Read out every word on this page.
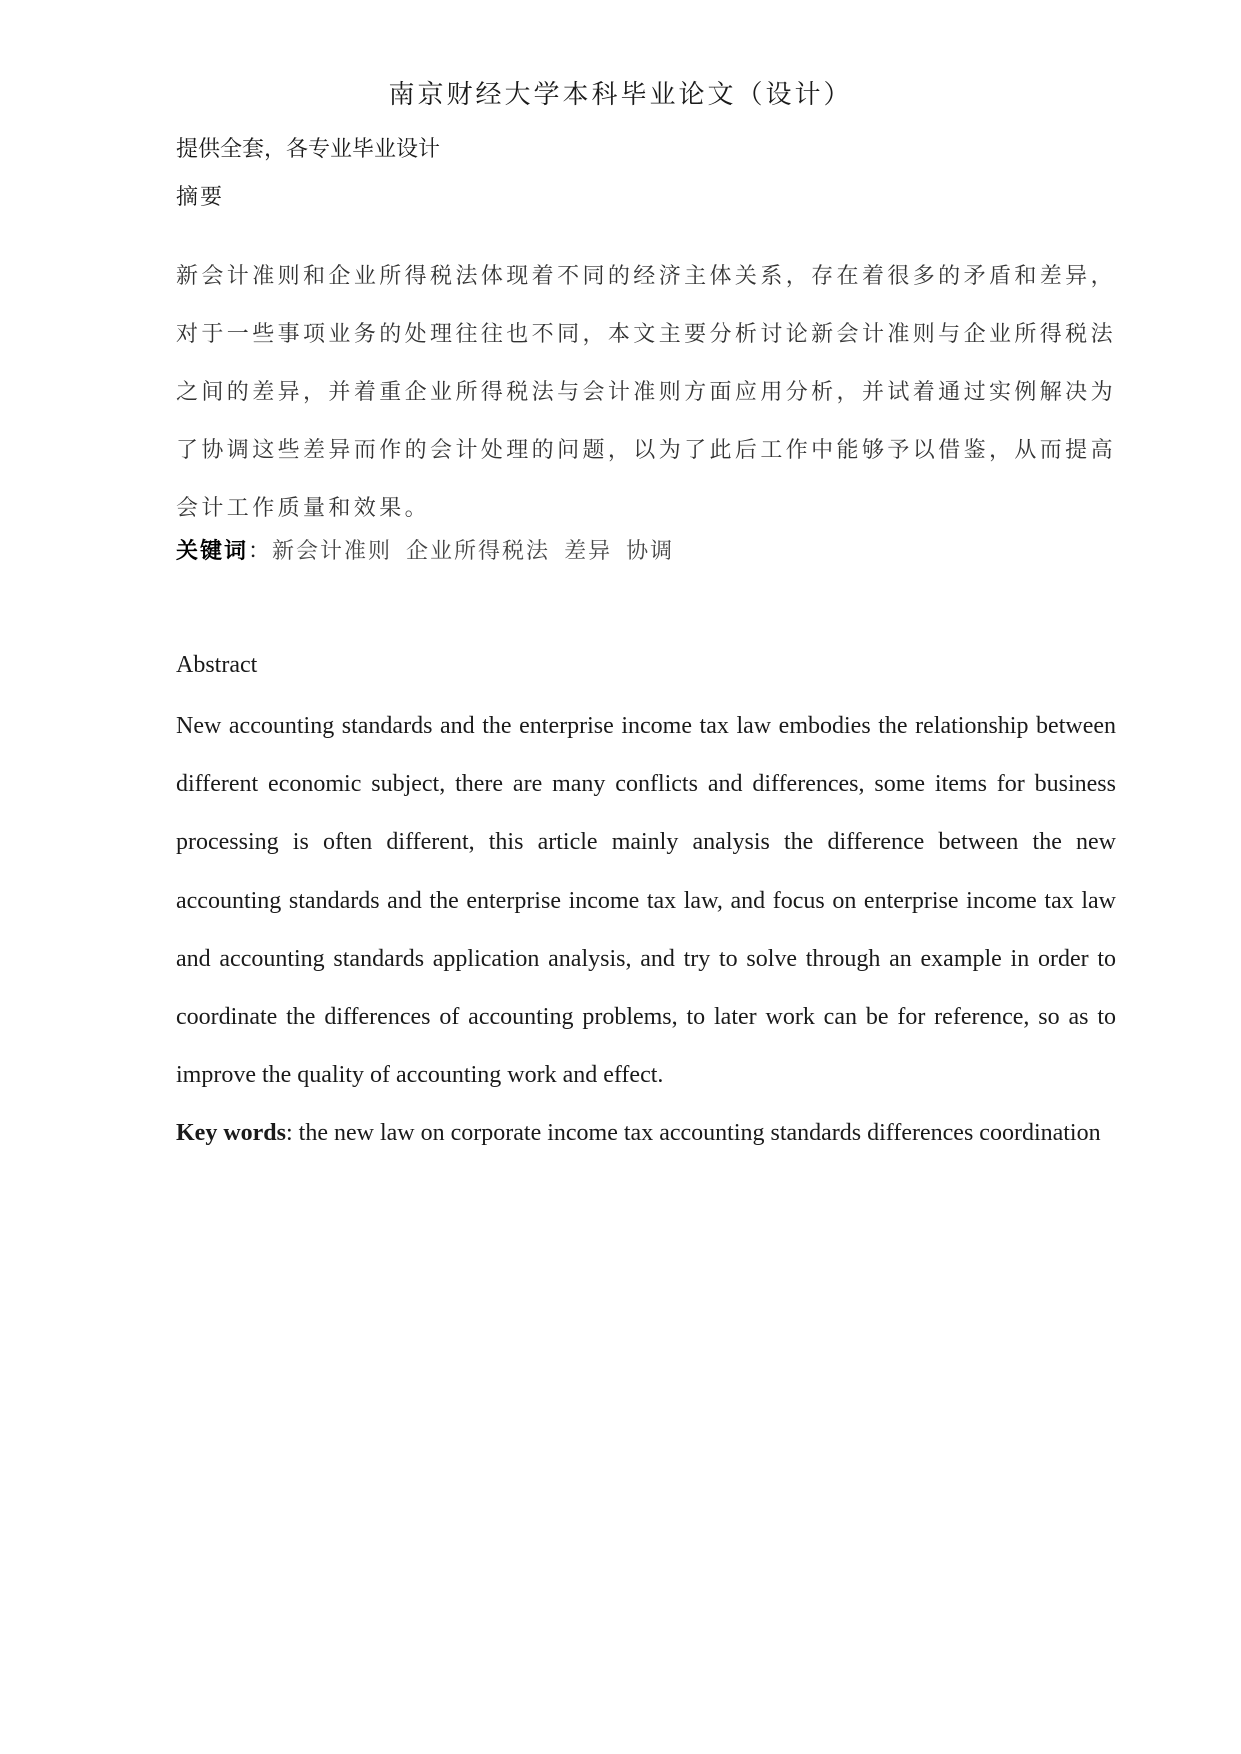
南京财经大学本科毕业论文（设计）
提供全套，各专业毕业设计
摘要
新会计准则和企业所得税法体现着不同的经济主体关系，存在着很多的矛盾和差异，对于一些事项业务的处理往往也不同，本文主要分析讨论新会计准则与企业所得税法之间的差异，并着重企业所得税法与会计准则方面应用分析，并试着通过实例解决为了协调这些差异而作的会计处理的问题，以为了此后工作中能够予以借鉴，从而提高会计工作质量和效果。
关键词：新会计准则 企业所得税法 差异 协调
Abstract
New accounting standards and the enterprise income tax law embodies the relationship between different economic subject, there are many conflicts and differences, some items for business processing is often different, this article mainly analysis the difference between the new accounting standards and the enterprise income tax law, and focus on enterprise income tax law and accounting standards application analysis, and try to solve through an example in order to coordinate the differences of accounting problems, to later work can be for reference, so as to improve the quality of accounting work and effect.
Key words: the new law on corporate income tax accounting standards differences coordination
